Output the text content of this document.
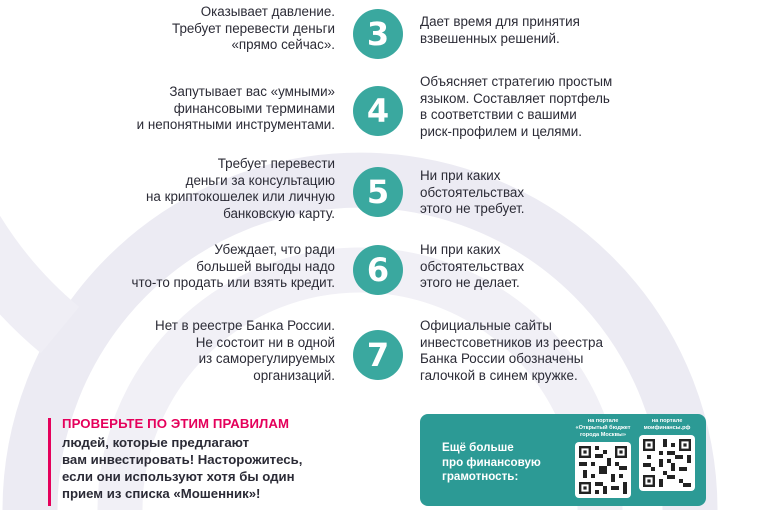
Оказывает давление.
Требует перевести деньги
«прямо сейчас». 3	Дает время для принятия
взвешенных решений.
Запутывает вас «умными»
финансовыми терминами
и непонятными инструментами. 4
Объясняет стратегию простым
языком. Составляет портфель
в соответствии с вашими
риск-профилем и целями.
Требует перевести
деньги за консультацию
на криптокошелек или личную
банковскую карту.
5	Ни при каких
обстоятельствах
этого не требует.
Убеждает, что ради
большей выгоды надо
что-то продать или взять кредит. 6
Ни при каких
обстоятельствах
этого не делает.
Нет в реестре Банка России.
Не состоит ни в одной
из саморегулируемых
организаций.
7
Официальные сайты
инвестсоветников из реестра
Банка России обозначены
галочкой в синем кружке.
ПРОВЕРЬТЕ ПО ЭТИМ ПРАВИЛАМ
людей, которые предлагают
вам инвестировать! Насторожитесь,
если они используют хотя бы один
прием из списка «Мошенник»!
Ещё больше
про финансовую
грамотность:
на портале
«Открытый бюджет
города Москвы»
на портале
моифинансы.рф
